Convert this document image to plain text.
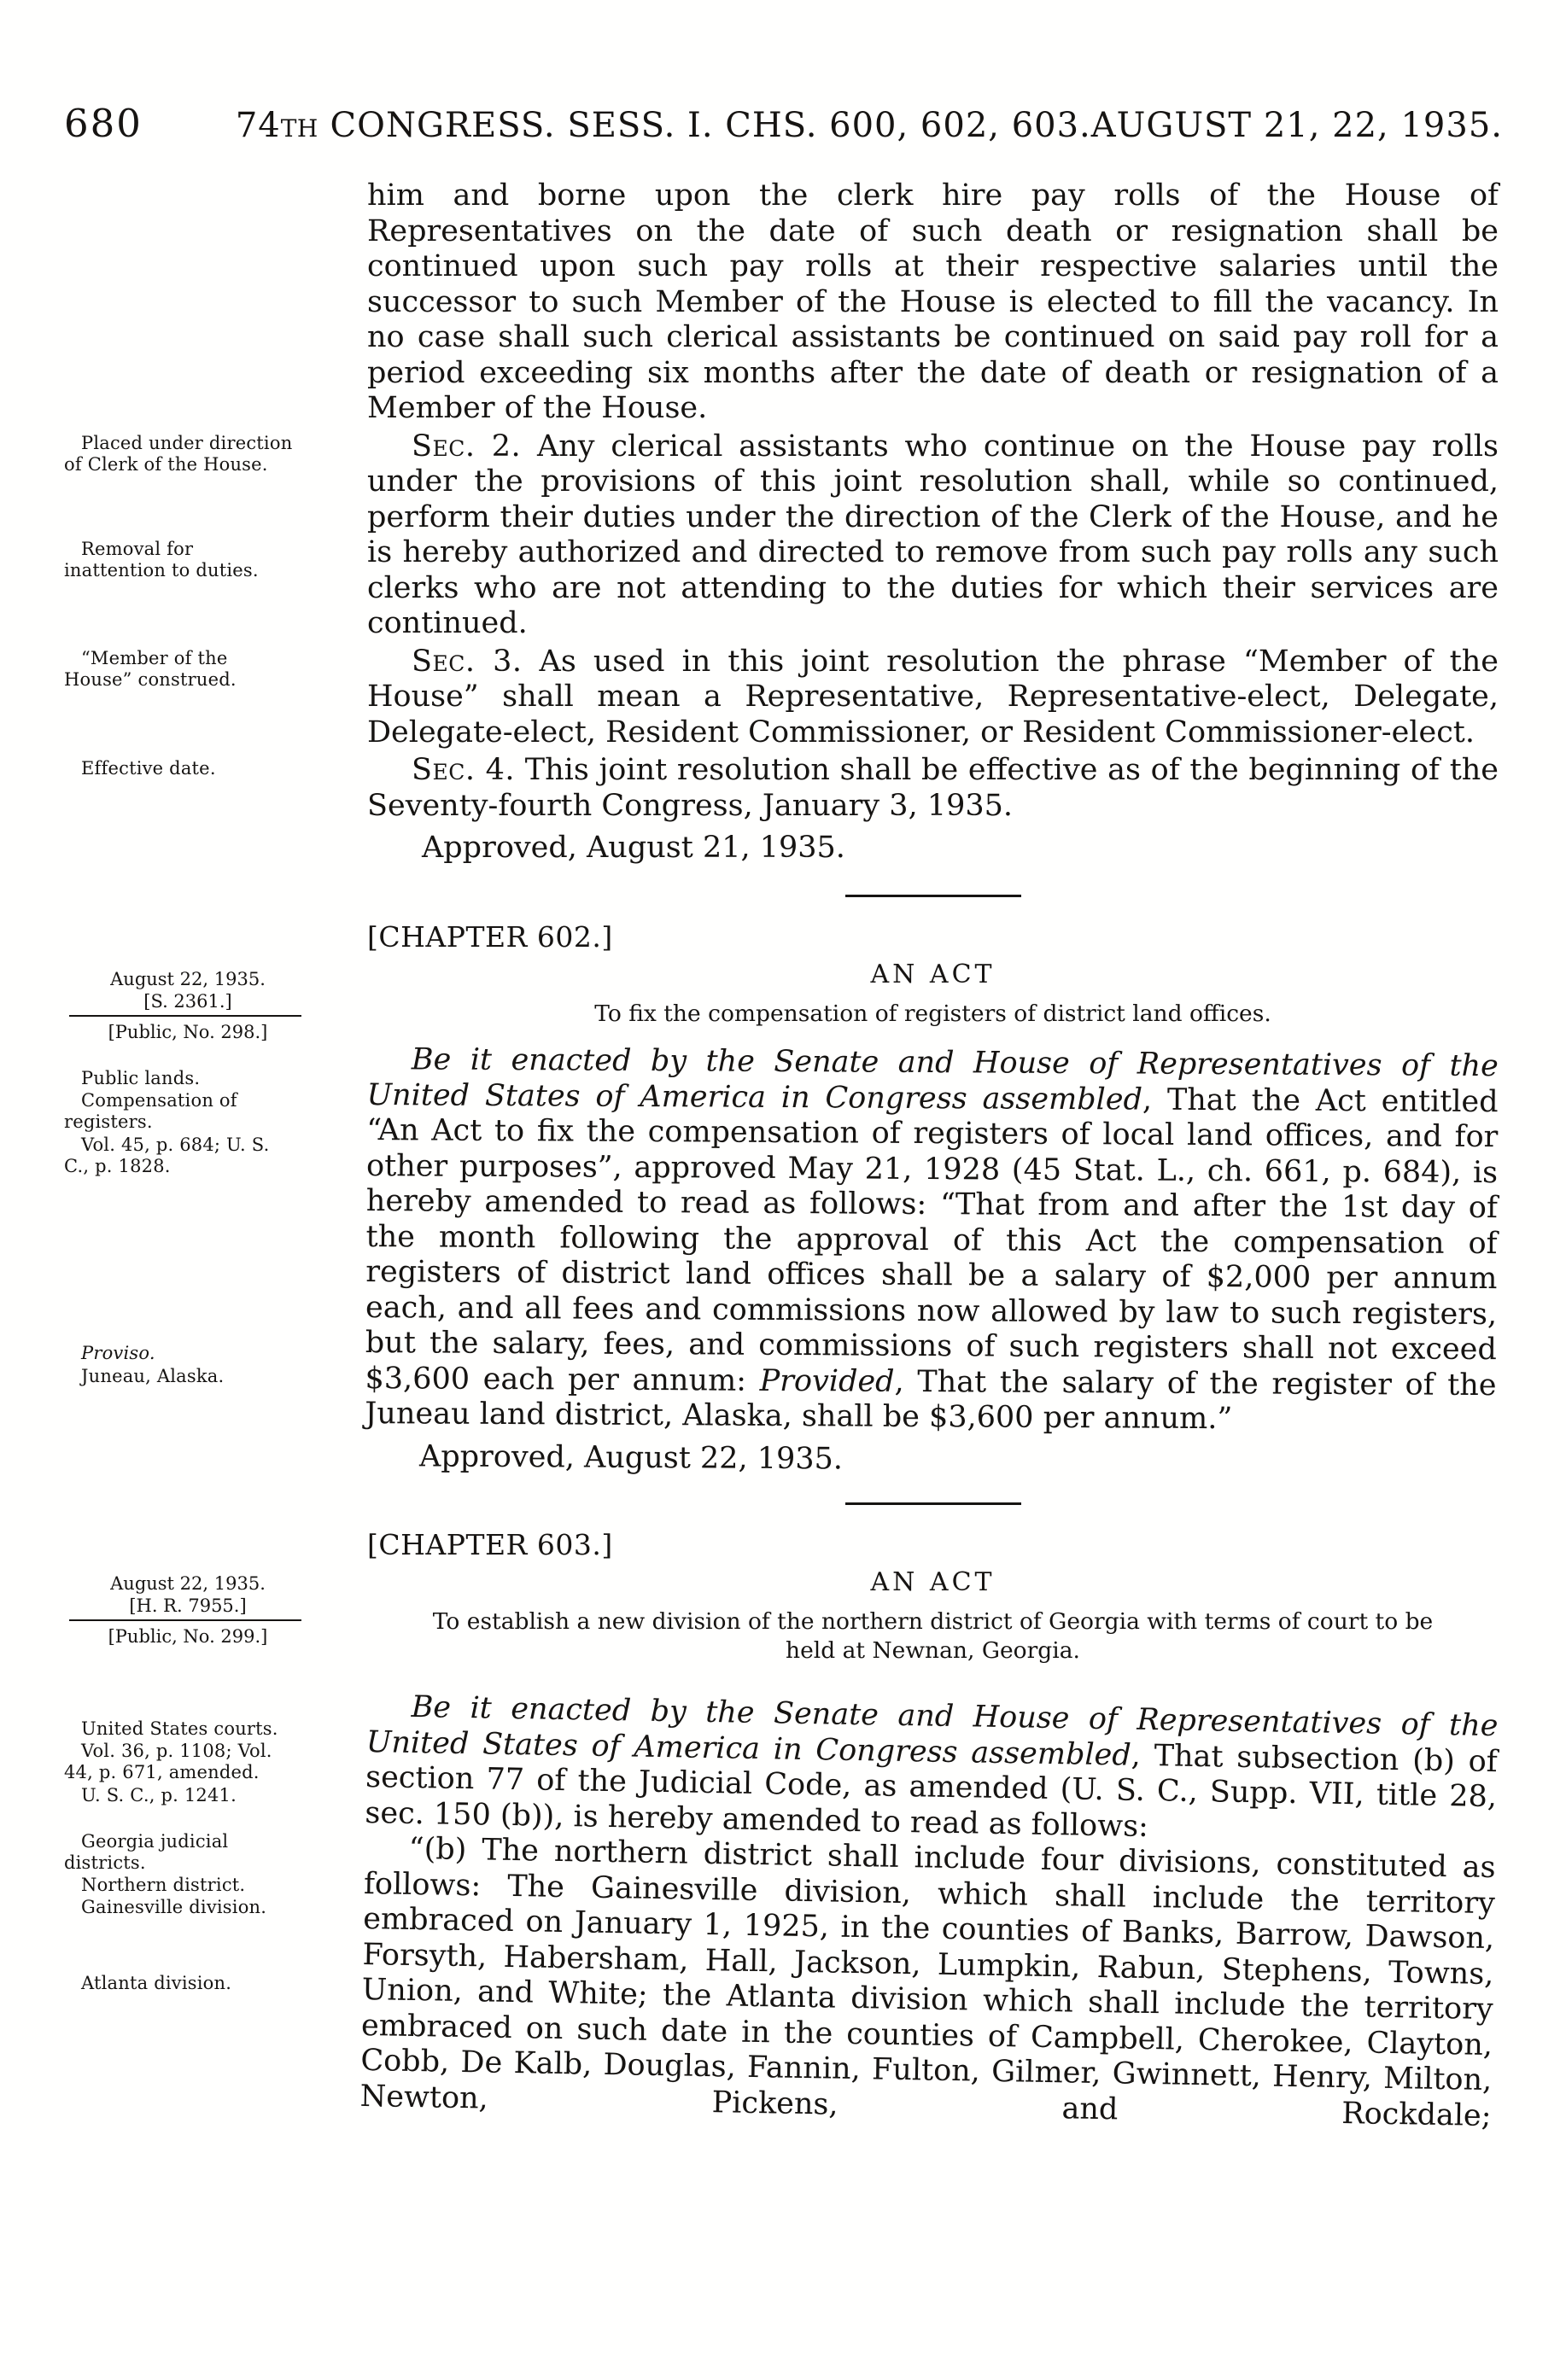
680	74TH CONGRESS. SESS. I. CHS. 600, 602, 603. AUGUST 21, 22, 1935.

him and borne upon the clerk hire pay rolls of the House of Representatives on the date of such death or resignation shall be continued upon such pay rolls at their respective salaries until the successor to such Member of the House is elected to fill the vacancy. In no case shall such clerical assistants be continued on said pay roll for a period exceeding six months after the date of death or resignation of a Member of the House.

Placed under direction of Clerk of the House.
Removal for inattention to duties.

Sec. 2. Any clerical assistants who continue on the House pay rolls under the provisions of this joint resolution shall, while so continued, perform their duties under the direction of the Clerk of the House, and he is hereby authorized and directed to remove from such pay rolls any such clerks who are not attending to the duties for which their services are continued.

“Member of the House” construed.

Sec. 3. As used in this joint resolution the phrase “Member of the House” shall mean a Representative, Representative-elect, Delegate, Delegate-elect, Resident Commissioner, or Resident Commissioner-elect.

Effective date.	Sec. 4. This joint resolution shall be effective as of the beginning of the Seventy-fourth Congress, January 3, 1935.

Approved, August 21, 1935.

August 22, 1935.
[S. 2361.]
[Public, No. 298.]

[CHAPTER 602.]

AN ACT

To fix the compensation of registers of district land offices.

Public lands.
Compensation of registers.
Vol. 45, p. 684; U. S. C., p. 1828.
Proviso.
Juneau, Alaska.

Be it enacted by the Senate and House of Representatives of the United States of America in Congress assembled, That the Act entitled “An Act to fix the compensation of registers of local land offices, and for other purposes”, approved May 21, 1928 (45 Stat. L., ch. 661, p. 684), is hereby amended to read as follows: “That from and after the 1st day of the month following the approval of this Act the compensation of registers of district land offices shall be a salary of $2,000 per annum each, and all fees and commissions now allowed by law to such registers, but the salary, fees, and commissions of such registers shall not exceed $3,600 each per annum: Provided, That the salary of the register of the Juneau land district, Alaska, shall be $3,600 per annum.”

Approved, August 22, 1935.

August 22, 1935.
[H. R. 7955.]
[Public, No. 299.]

[CHAPTER 603.]

AN ACT

To establish a new division of the northern district of Georgia with terms of court to be held at Newnan, Georgia.

United States courts.
Vol. 36, p. 1108; Vol. 44, p. 671, amended.
U. S. C., p. 1241.
Georgia judicial districts.
Northern district.
Gainesville division.
Atlanta division.

Be it enacted by the Senate and House of Representatives of the United States of America in Congress assembled, That subsection (b) of section 77 of the Judicial Code, as amended (U. S. C., Supp. VII, title 28, sec. 150 (b)), is hereby amended to read as follows:

“(b) The northern district shall include four divisions, constituted as follows: The Gainesville division, which shall include the territory embraced on January 1, 1925, in the counties of Banks, Barrow, Dawson, Forsyth, Habersham, Hall, Jackson, Lumpkin, Rabun, Stephens, Towns, Union, and White; the Atlanta division which shall include the territory embraced on such date in the counties of Campbell, Cherokee, Clayton, Cobb, De Kalb, Douglas, Fannin, Fulton, Gilmer, Gwinnett, Henry, Milton, Newton, Pickens, and Rockdale;
